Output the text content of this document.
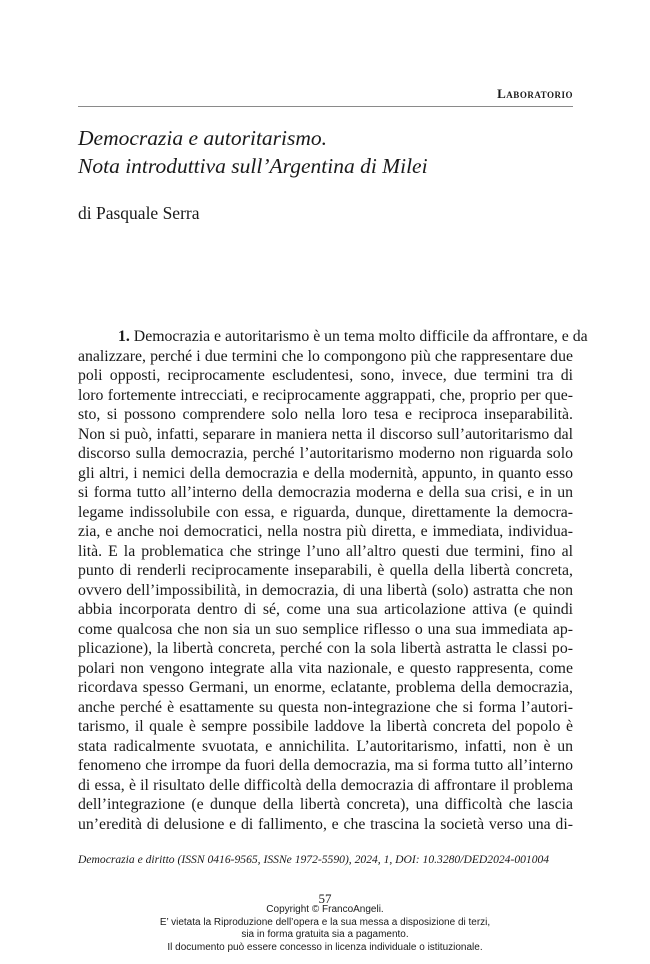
Laboratorio
Democrazia e autoritarismo.
Nota introduttiva sull’Argentina di Milei
di Pasquale Serra
1. Democrazia e autoritarismo è un tema molto difficile da affrontare, e da
analizzare, perché i due termini che lo compongono più che rappresentare due
poli opposti, reciprocamente escludentesi, sono, invece, due termini tra di
loro fortemente intrecciati, e reciprocamente aggrappati, che, proprio per que-
sto, si possono comprendere solo nella loro tesa e reciproca inseparabilità.
Non si può, infatti, separare in maniera netta il discorso sull’autoritarismo dal
discorso sulla democrazia, perché l’autoritarismo moderno non riguarda solo
gli altri, i nemici della democrazia e della modernità, appunto, in quanto esso
si forma tutto all’interno della democrazia moderna e della sua crisi, e in un
legame indissolubile con essa, e riguarda, dunque, direttamente la democra-
zia, e anche noi democratici, nella nostra più diretta, e immediata, individua-
lità. E la problematica che stringe l’uno all’altro questi due termini, fino al
punto di renderli reciprocamente inseparabili, è quella della libertà concreta,
ovvero dell’impossibilità, in democrazia, di una libertà (solo) astratta che non
abbia incorporata dentro di sé, come una sua articolazione attiva (e quindi
come qualcosa che non sia un suo semplice riflesso o una sua immediata ap-
plicazione), la libertà concreta, perché con la sola libertà astratta le classi po-
polari non vengono integrate alla vita nazionale, e questo rappresenta, come
ricordava spesso Germani, un enorme, eclatante, problema della democrazia,
anche perché è esattamente su questa non-integrazione che si forma l’autori-
tarismo, il quale è sempre possibile laddove la libertà concreta del popolo è
stata radicalmente svuotata, e annichilita. L’autoritarismo, infatti, non è un
fenomeno che irrompe da fuori della democrazia, ma si forma tutto all’interno
di essa, è il risultato delle difficoltà della democrazia di affrontare il problema
dell’integrazione (e dunque della libertà concreta), una difficoltà che lascia
un’eredità di delusione e di fallimento, e che trascina la società verso una di-
Democrazia e diritto (ISSN 0416-9565, ISSNe 1972-5590), 2024, 1, DOI: 10.3280/DED2024-001004
57
Copyright © FrancoAngeli.
E’ vietata la Riproduzione dell’opera e la sua messa a disposizione di terzi,
sia in forma gratuita sia a pagamento.
Il documento può essere concesso in licenza individuale o istituzionale.
